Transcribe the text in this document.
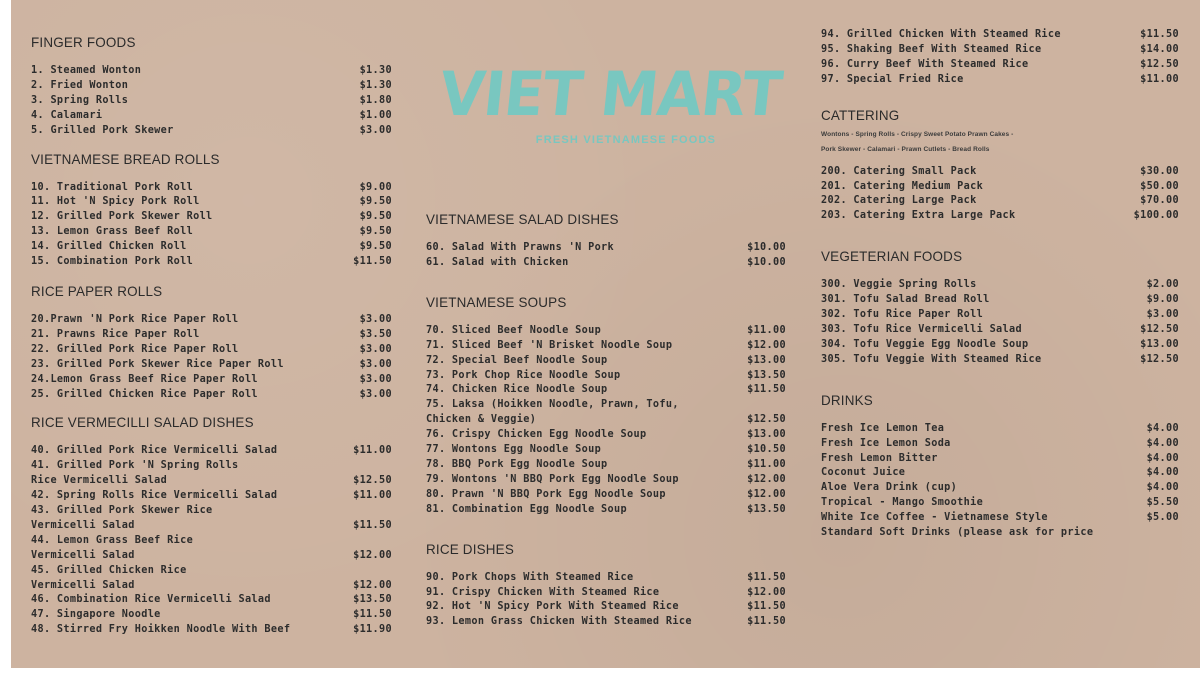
FINGER FOODS
1. Steamed Wonton	$1.30
2. Fried Wonton	$1.30
3. Spring Rolls	$1.80
4. Calamari	$1.00
5. Grilled Pork Skewer	$3.00
VIETNAMESE BREAD ROLLS
10. Traditional Pork Roll	$9.00
11. Hot 'N Spicy Pork Roll	$9.50
12. Grilled Pork Skewer Roll	$9.50
13. Lemon Grass Beef Roll	$9.50
14. Grilled Chicken Roll	$9.50
15. Combination Pork Roll	$11.50
RICE PAPER ROLLS
20.Prawn 'N Pork Rice Paper Roll	$3.00
21. Prawns Rice Paper Roll	$3.50
22. Grilled Pork Rice Paper Roll	$3.00
23. Grilled Pork Skewer Rice Paper Roll	$3.00
24.Lemon Grass Beef Rice Paper Roll	$3.00
25. Grilled Chicken Rice Paper Roll	$3.00
RICE VERMECILLI SALAD DISHES
40. Grilled Pork Rice Vermicelli Salad	$11.00
41. Grilled Pork 'N Spring Rolls
Rice Vermicelli Salad	$12.50
42. Spring Rolls Rice Vermicelli Salad	$11.00
43. Grilled Pork Skewer Rice
Vermicelli Salad	$11.50
44. Lemon Grass Beef Rice
Vermicelli Salad	$12.00
45. Grilled Chicken Rice
Vermicelli Salad	$12.00
46. Combination Rice Vermicelli Salad	$13.50
47. Singapore Noodle	$11.50
48. Stirred Fry Hoikken Noodle With Beef	$11.90
VIET MART
FRESH VIETNAMESE FOODS
VIETNAMESE SALAD DISHES
60. Salad With Prawns 'N Pork	$10.00
61. Salad with Chicken	$10.00
VIETNAMESE SOUPS
70. Sliced Beef Noodle Soup	$11.00
71. Sliced Beef 'N Brisket Noodle Soup	$12.00
72. Special Beef Noodle Soup	$13.00
73. Pork Chop Rice Noodle Soup	$13.50
74. Chicken Rice Noodle Soup	$11.50
75. Laksa (Hoikken Noodle, Prawn, Tofu,
Chicken & Veggie)	$12.50
76. Crispy Chicken Egg Noodle Soup	$13.00
77. Wontons Egg Noodle Soup	$10.50
78. BBQ Pork Egg Noodle Soup	$11.00
79. Wontons 'N BBQ Pork Egg Noodle Soup	$12.00
80. Prawn 'N BBQ Pork Egg Noodle Soup	$12.00
81. Combination Egg Noodle Soup	$13.50
RICE DISHES
90. Pork Chops With Steamed Rice	$11.50
91. Crispy Chicken With Steamed Rice	$12.00
92. Hot 'N Spicy Pork With Steamed Rice	$11.50
93. Lemon Grass Chicken With Steamed Rice	$11.50
94. Grilled Chicken With Steamed Rice	$11.50
95. Shaking Beef With Steamed Rice	$14.00
96. Curry Beef With Steamed Rice	$12.50
97. Special Fried Rice	$11.00
CATTERING
Wontons - Spring Rolls - Crispy Sweet Potato Prawn Cakes -
Pork Skewer - Calamari - Prawn Cutlets - Bread Rolls
200. Catering Small Pack	$30.00
201. Catering Medium Pack	$50.00
202. Catering Large Pack	$70.00
203. Catering Extra Large Pack	$100.00
VEGETERIAN FOODS
300. Veggie Spring Rolls	$2.00
301. Tofu Salad Bread Roll	$9.00
302. Tofu Rice Paper Roll	$3.00
303. Tofu Rice Vermicelli Salad	$12.50
304. Tofu Veggie Egg Noodle Soup	$13.00
305. Tofu Veggie With Steamed Rice	$12.50
DRINKS
Fresh Ice Lemon Tea	$4.00
Fresh Ice Lemon Soda	$4.00
Fresh Lemon Bitter	$4.00
Coconut Juice	$4.00
Aloe Vera Drink (cup)	$4.00
Tropical - Mango Smoothie	$5.50
White Ice Coffee - Vietnamese Style	$5.00
Standard Soft Drinks (please ask for price
